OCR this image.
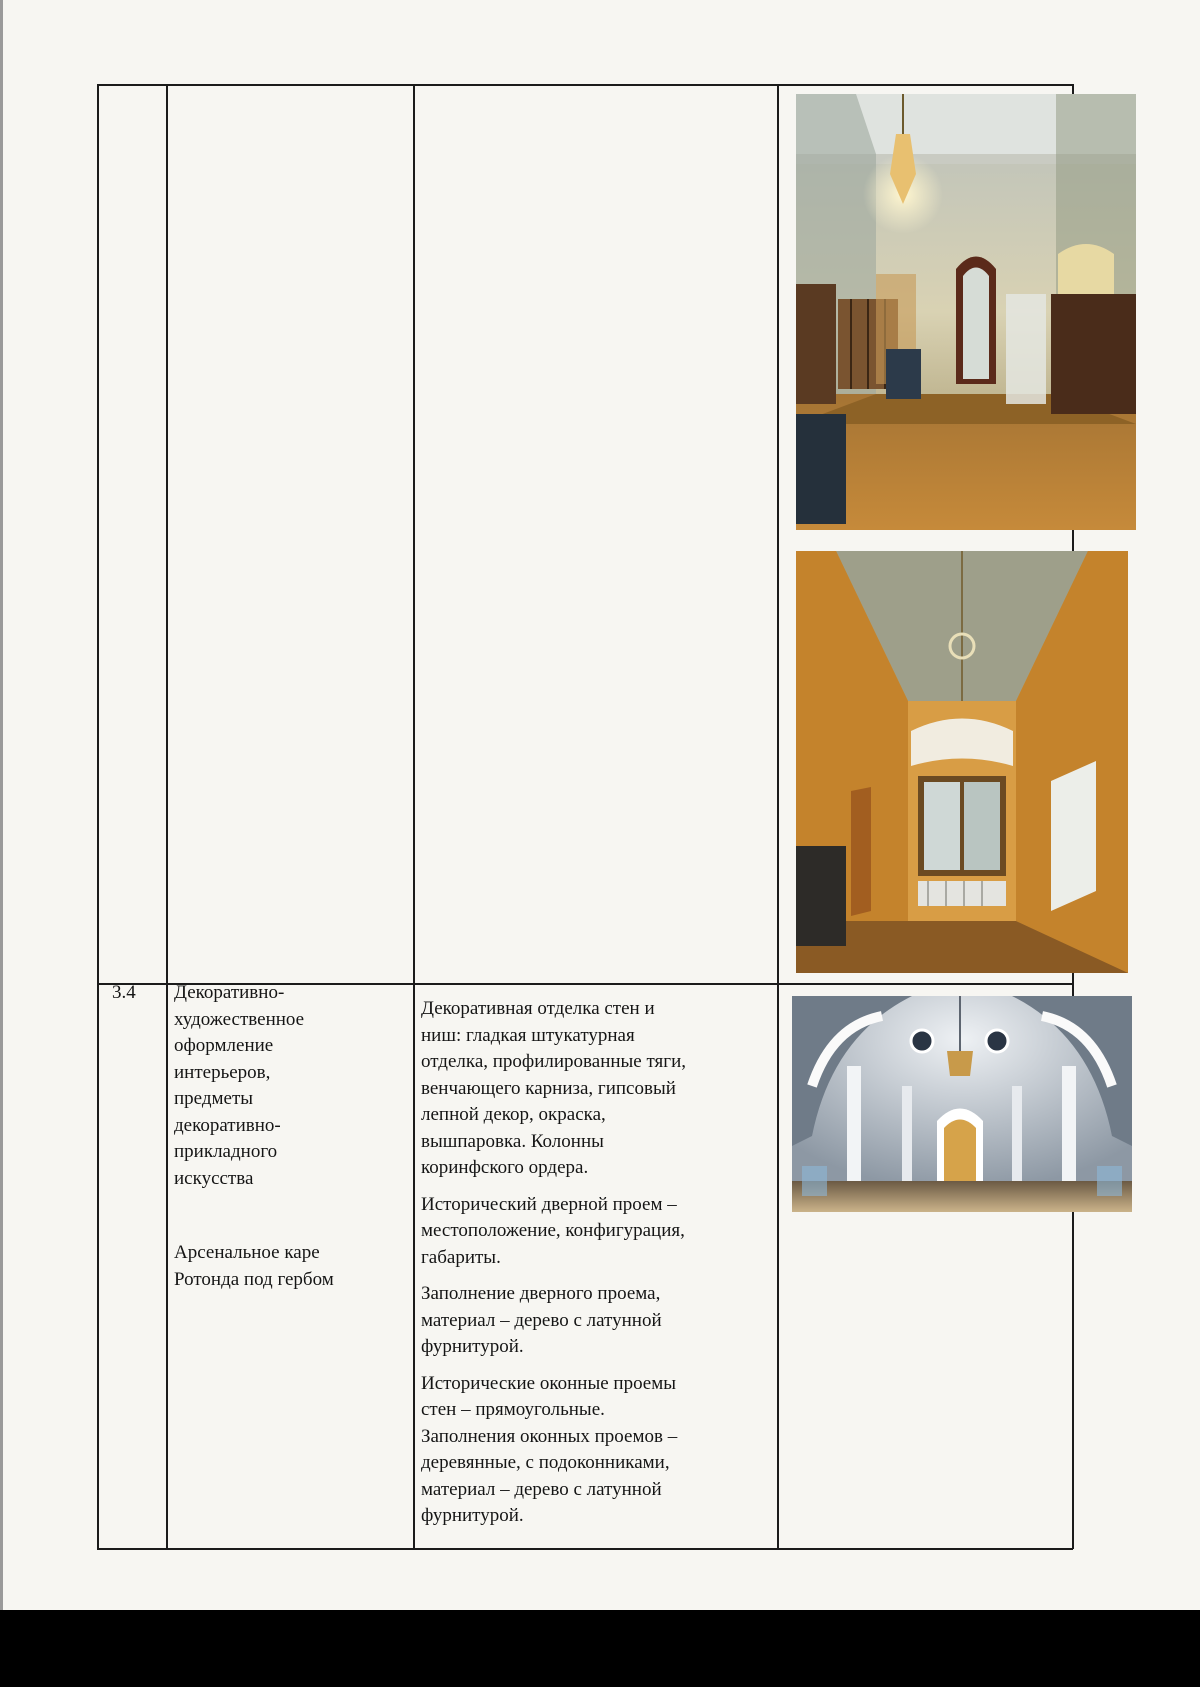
3.4	Декоративно-
художественное
оформление
интерьеров,
предметы
декоративно-
прикладного
искусства
Арсенальное каре
Ротонда под гербом

Декоративная отделка стен и
ниш: гладкая штукатурная
отделка, профилированные тяги,
венчающего карниза, гипсовый
лепной декор, окраска,
вышпаровка. Колонны
коринфского ордера.

Исторический дверной проем –
местоположение, конфигурация,
габариты.

Заполнение дверного проема,
материал – дерево с латунной
фурнитурой.

Исторические оконные проемы
стен – прямоугольные.
Заполнения оконных проемов –
деревянные, с подоконниками,
материал – дерево с латунной
фурнитурой.
